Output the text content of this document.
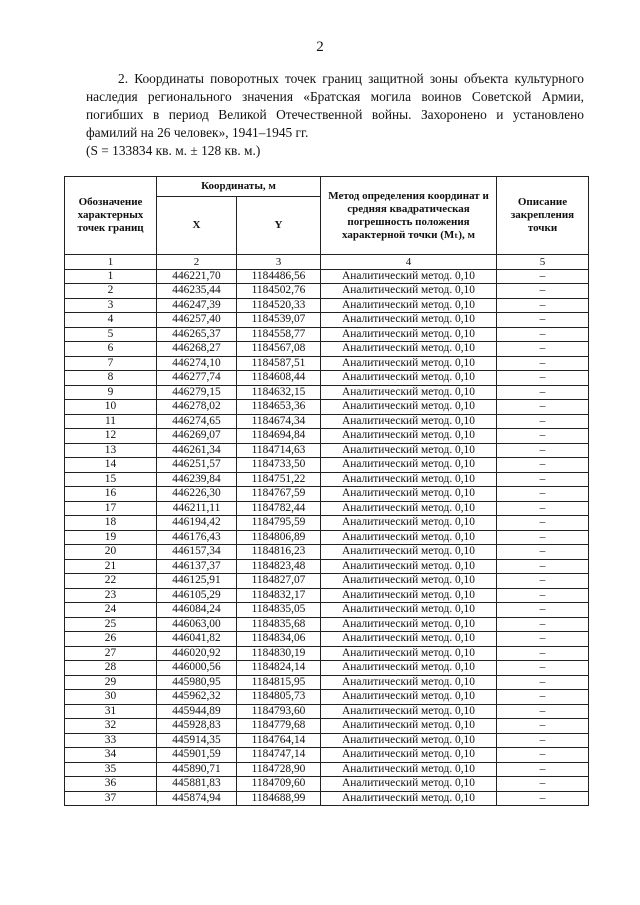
2

2. Координаты поворотных точек границ защитной зоны объекта культурного наследия регионального значения «Братская могила воинов Советской Армии, погибших в период Великой Отечественной войны. Захоронено и установлено фамилий на 26 человек», 1941–1945 гг.

(S = 133834 кв. м. ± 128 кв. м.)

Обозначение характерных точек границ	Координаты, м		Метод определения координат и средняя квадратическая погрешность положения характерной точки (Mₜ), м	Описание закрепления точки
	X	Y		
1	2	3	4	5
1	446221,70	1184486,56	Аналитический метод. 0,10	–
2	446235,44	1184502,76	Аналитический метод. 0,10	–
3	446247,39	1184520,33	Аналитический метод. 0,10	–
4	446257,40	1184539,07	Аналитический метод. 0,10	–
5	446265,37	1184558,77	Аналитический метод. 0,10	–
6	446268,27	1184567,08	Аналитический метод. 0,10	–
7	446274,10	1184587,51	Аналитический метод. 0,10	–
8	446277,74	1184608,44	Аналитический метод. 0,10	–
9	446279,15	1184632,15	Аналитический метод. 0,10	–
10	446278,02	1184653,36	Аналитический метод. 0,10	–
11	446274,65	1184674,34	Аналитический метод. 0,10	–
12	446269,07	1184694,84	Аналитический метод. 0,10	–
13	446261,34	1184714,63	Аналитический метод. 0,10	–
14	446251,57	1184733,50	Аналитический метод. 0,10	–
15	446239,84	1184751,22	Аналитический метод. 0,10	–
16	446226,30	1184767,59	Аналитический метод. 0,10	–
17	446211,11	1184782,44	Аналитический метод. 0,10	–
18	446194,42	1184795,59	Аналитический метод. 0,10	–
19	446176,43	1184806,89	Аналитический метод. 0,10	–
20	446157,34	1184816,23	Аналитический метод. 0,10	–
21	446137,37	1184823,48	Аналитический метод. 0,10	–
22	446125,91	1184827,07	Аналитический метод. 0,10	–
23	446105,29	1184832,17	Аналитический метод. 0,10	–
24	446084,24	1184835,05	Аналитический метод. 0,10	–
25	446063,00	1184835,68	Аналитический метод. 0,10	–
26	446041,82	1184834,06	Аналитический метод. 0,10	–
27	446020,92	1184830,19	Аналитический метод. 0,10	–
28	446000,56	1184824,14	Аналитический метод. 0,10	–
29	445980,95	1184815,95	Аналитический метод. 0,10	–
30	445962,32	1184805,73	Аналитический метод. 0,10	–
31	445944,89	1184793,60	Аналитический метод. 0,10	–
32	445928,83	1184779,68	Аналитический метод. 0,10	–
33	445914,35	1184764,14	Аналитический метод. 0,10	–
34	445901,59	1184747,14	Аналитический метод. 0,10	–
35	445890,71	1184728,90	Аналитический метод. 0,10	–
36	445881,83	1184709,60	Аналитический метод. 0,10	–
37	445874,94	1184688,99	Аналитический метод. 0,10	–
